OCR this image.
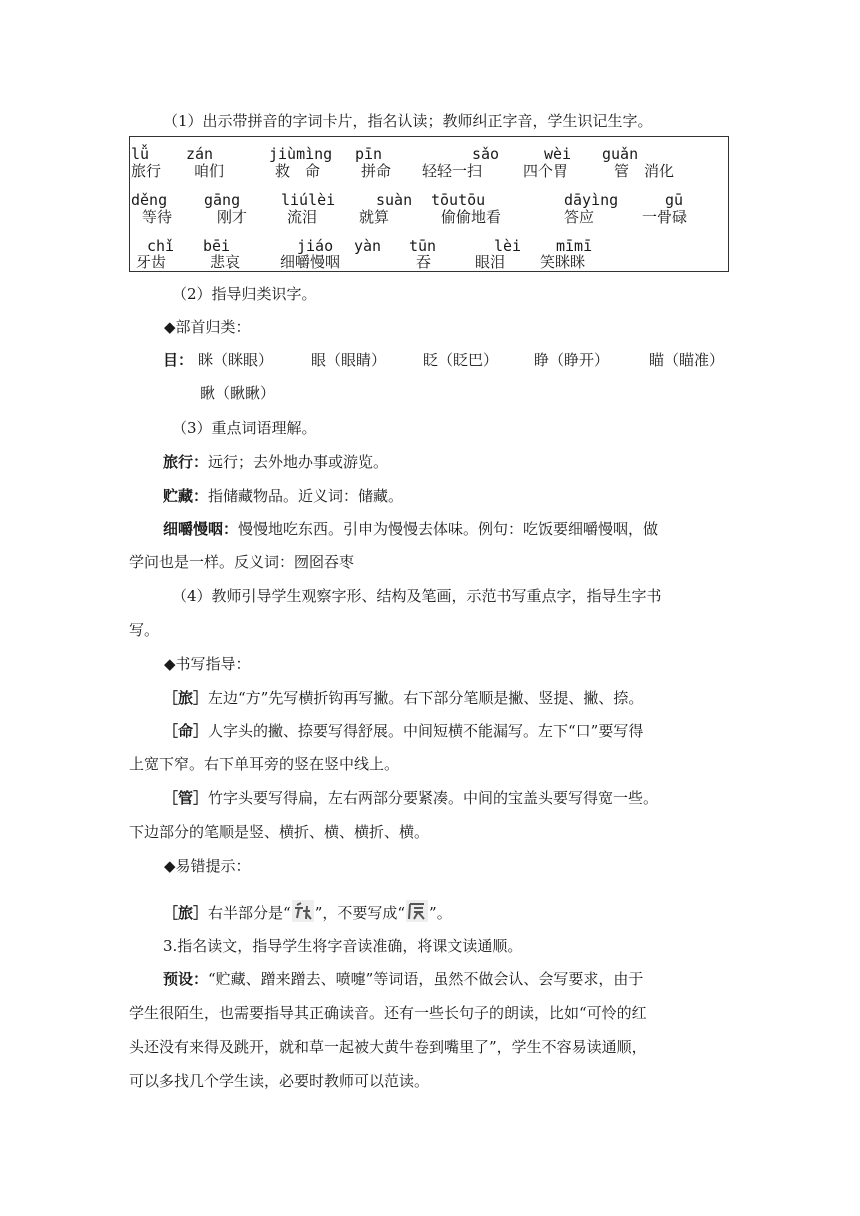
（1）出示带拼音的字词卡片，指名认读；教师纠正字音，学生识记生字。
lǚ zán	jiùmìng pīn	sǎo	wèi guǎn
旅行 咱们	救　命	拼命 轻轻一扫	四个胃	管 消化
děng gāng	liúlèi	suàn tōutōu	dāyìng	gū
等待	刚才	流泪	就算	偷偷地看	答应	一骨碌
chǐ bēi	jiáo yàn tūn	lèi mīmī
牙齿	悲哀	细嚼慢咽	吞	眼泪 笑眯眯
（2）指导归类识字。
◆部首归类：
目： 眯（眯眼）	眼（眼睛） 眨（眨巴） 睁（睁开）	瞄（瞄准）
瞅（瞅瞅）
（3）重点词语理解。
旅行：远行；去外地办事或游览。
贮藏：指储藏物品。近义词：储藏。
细嚼慢咽：慢慢地吃东西。引申为慢慢去体味。例句：吃饭要细嚼慢咽，做
学问也是一样。反义词：囫囵吞枣
（4）教师引导学生观察字形、结构及笔画，示范书写重点字，指导生字书
写。
◆书写指导：
［旅］左边“方”先写横折钩再写撇。右下部分笔顺是撇、竖提、撇、捺。
［命］人字头的撇、捺要写得舒展。中间短横不能漏写。左下“口”要写得
上宽下窄。右下单耳旁的竖在竖中线上。
［管］竹字头要写得扁，左右两部分要紧凑。中间的宝盖头要写得宽一些。
下边部分的笔顺是竖、横折、横、横折、横。
◆易错提示：
［旅］右半部分是“ ”，不要写成“ ”。
3.指名读文，指导学生将字音读准确，将课文读通顺。
预设：“贮藏、蹭来蹭去、喷嚏”等词语，虽然不做会认、会写要求，由于
学生很陌生，也需要指导其正确读音。还有一些长句子的朗读，比如“可怜的红
头还没有来得及跳开，就和草一起被大黄牛卷到嘴里了”，学生不容易读通顺，
可以多找几个学生读，必要时教师可以范读。
